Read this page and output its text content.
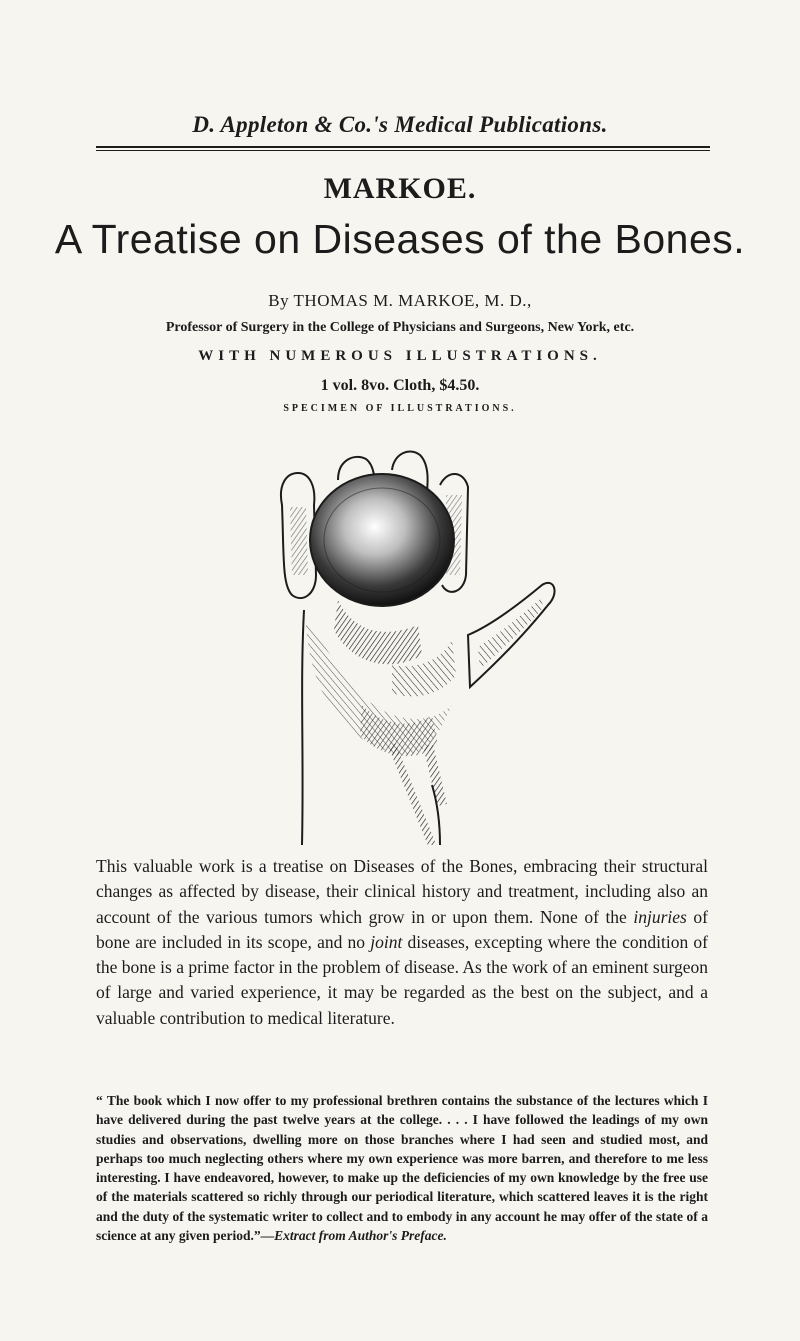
D. Appleton & Co.'s Medical Publications.
MARKOE.
A Treatise on Diseases of the Bones.
By THOMAS M. MARKOE, M. D.,
Professor of Surgery in the College of Physicians and Surgeons, New York, etc.
WITH NUMEROUS ILLUSTRATIONS.
1 vol. 8vo. Cloth, $4.50.
SPECIMEN OF ILLUSTRATIONS.
This valuable work is a treatise on Diseases of the Bones, embracing their structural changes as affected by disease, their clinical history and treatment, including also an account of the various tumors which grow in or upon them. None of the injuries of bone are included in its scope, and no joint diseases, excepting where the condition of the bone is a prime factor in the problem of disease. As the work of an eminent surgeon of large and varied experience, it may be regarded as the best on the subject, and a valuable contribution to medical literature.
“ The book which I now offer to my professional brethren contains the substance of the lectures which I have delivered during the past twelve years at the college. . . . I have followed the leadings of my own studies and observations, dwelling more on those branches where I had seen and studied most, and perhaps too much neglecting others where my own experience was more barren, and therefore to me less interesting. I have endeavored, however, to make up the deficiencies of my own knowledge by the free use of the materials scattered so richly through our periodical literature, which scattered leaves it is the right and the duty of the systematic writer to collect and to embody in any account he may offer of the state of a science at any given period.”—Extract from Author's Preface.
